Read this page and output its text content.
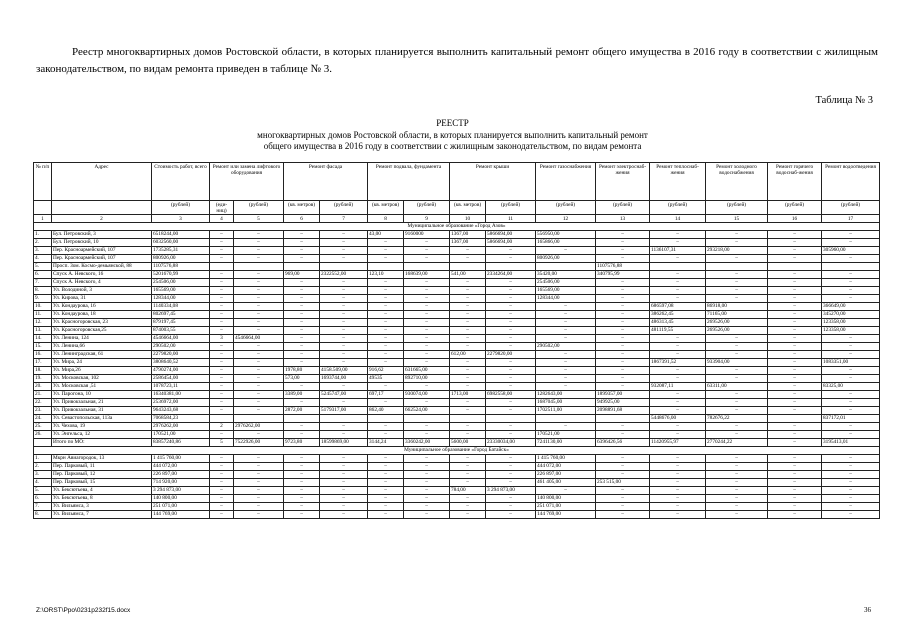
Реестр многоквартирных домов Ростовской области, в которых планируется выполнить капитальный ремонт общего имущества в 2016 году в соответствии с жилищным законодательством, по видам ремонта приведен в таблице № 3.
Таблица № 3
РЕЕСТР
многоквартирных домов Ростовской области, в которых планируется выполнить капитальный ремонт
общего имущества в 2016 году в соответствии с жилищным законодательством, по видам ремонта
№ п/п	Адрес	Стоимость работ, всего	Ремонт или замена лифтового оборудования		Ремонт фасада		Ремонт подвала, фундамента		Ремонт крыши		Ремонт газоснабжения	Ремонт электроснаб-жения	Ремонт теплоснаб-жения	Ремонт холодного водоснабжения	Ремонт горячего водоснаб-жения	Ремонт водоотведения
		(рублей)	(еди-ниц)	(рублей)	(кв. метров)	(рублей)	(кв. метров)	(рублей)	(кв. метров)	(рублей)	(рублей)	(рублей)	(рублей)	(рублей)	(рублей)	(рублей)
1	2	3	4	5	6	7	8	9	10	11	12	13	14	15	16	17
Муниципальное образование «Город Азов»																
1.	Бул. Петровский, 3	6518244,00	–	–	–	–	43,00	9160000	1367,00	5866694,00	556950,00	–	–	–	–	–
2.	Бул. Петровский, 10	6032560,00	–	–	–	–	–	–	1367,00	5866694,00	165866,00	–	–	–	–	–
3.	Пер. Красноармейский, 107	1735285,31	–	–	–	–	–	–	–	–	–	–	1136107,31	293218,00	–	305960,00
4.	Пер. Красноармейский, 107	800926,00	–	–	–	–	–	–	–	–	800926,00	–	–	–	–	–
5.	Просп. Зом. Космо-демьянской, 88	1107576,88										1107576,88				
6.	Спуск А. Невского, 16	5201670,99	–	–	969,00	2322552,00	123,10	168639,00	541,00	2334264,00	35420,00	340795,99	–	–	–	–
7.	Спуск А. Невского, 4	254506,00	–	–	–	–	–	–	–	–	254506,00	–	–	–	–	–
8.	Ул. Володиной, 3	165569,00	–	–	–	–	–	–	–	–	165569,00	–	–	–	–	–
9.	Ул. Кирова, 31	128344,00	–	–	–	–	–	–	–	–	128344,00	–	–	–	–	–
10.	Ул. Кондаурова, 16	1140334,08	–	–	–	–	–	–	–	–	–	–	686597,08	86918,00	–	366649,00
11.	Ул. Кондаурова, 18	802697,45	–	–	–	–	–	–	–	–	–	–	386262,45	71165,00	–	345270,00
12.	Ул. Красногоровская, 23	879197,45	–	–	–	–	–	–	–	–	–	–	486313,45	269526,00	–	123358,00
13.	Ул. Красногоровская,25	874003,55	–	–	–	–	–	–	–	–	–	–	481119,55	269526,00	–	123358,00
14.	Ул. Ленина, 124	4546664,00	3	4546664,00	–	–	–	–	–	–	–	–	–	–	–	–
15.	Ул. Ленина,66	290502,00	–	–	–	–	–	–	–	–	290502,00	–	–	–	–	–
16.	Ул. Ленинградская, 61	2279820,00	–	–	–	–	–	–	612,00	2279820,00	–	–	–	–	–	–
17.	Ул. Мира, 24	3808640,52	–	–	–	–	–	–	–	–	–	–	1867391,52	933904,00	–	1083351,00
18.	Ул. Мира,26	4790274,00	–	–	1978,80	4158.509,00	916,62	631665,00	–	–	–	–	–	–	–	–
19.	Ул. Московская, 102	2586454,00	–	–	573,00	1693744,00	49535	892710,00	–	–	–	–	–	–	–	–
20.	Ул. Московская ,51	1078723,11	–	–	–	–	–	–	–	–	–	–	932087,11	63311,00	–	83325,00
21.	Ул. Парогона, 10	16340381,00	–	–	3389,00	5245747,00	697,17	930074,00	1713,00	6982558,00	1282643,00	1899357,00	–	–	–	–
22.	Ул. Привокзальная, 21	2536972,00	–	–	–	–	–	–	–	–	1687045,00	949925,00	–	–	–	–
23.	Ул. Привокзальная, 31	9643243,68	–	–	2872,00	5179317,00	862,40	662524,00	–	–	1702511,00	2098891,68	–	–	–	–
24.	Ул. Севастопольская, 113а	7068584,23											5448676,00	782676,22		837172,01
25.	Ул. Чехова, 19	2976262,00	2	2976262,00	–	–	–	–	–	–	–	–	–	–	–	–
26.	Ул. Энгельса, 12	170521,00	–	–	–	–	–	–	–	–	170521,00	–	–	–	–	–
	Итого по МО:	83857240,86	5	7522926,00	9723,80	18599869,00	3144,24	3360242,00	5600,00	23330034,00	7241130,00	6396426,56	11420955,97	2770244,22	–	3195413,01
Муниципальное образование «Город Батайск»																
1.	Мкрн Авиагородок, 13	1 415 760,00	–	–	–	–	–	–	–	–	1 415 760,00	–	–	–	–	–
2.	Пер. Парковый, 11	444 072,00	–	–	–	–	–	–	–	–	444 072,00	–	–	–	–	–
3.	Пер. Парковый, 12	226 897,00	–	–	–	–	–	–	–	–	226 897,00	–	–	–	–	–
4.	Пер. Парковый, 15	714 920,00	–	–	–	–	–	–	–	–	461 405,00	253 515,00	–	–	–	–
5.	Ул. Бексютьева, 4	3 294 873,00	–	–	–	–	–	–	784,00	3 294 873,00	–	–	–	–	–	–
6.	Ул. Бексютьева, 8	140 800,00	–	–	–	–	–	–	–	–	140 800,00	–	–	–	–	–
7.	Ул. Вильямса, 3	251 071,00	–	–	–	–	–	–	–	–	251 071,00	–	–	–	–	–
8.	Ул. Вильямса, 7	144 769,00	–	–	–	–	–	–	–	–	144 769,00	–	–	–	–	–
Z:\ORST\Ppo\0231p232f15.docx	36
